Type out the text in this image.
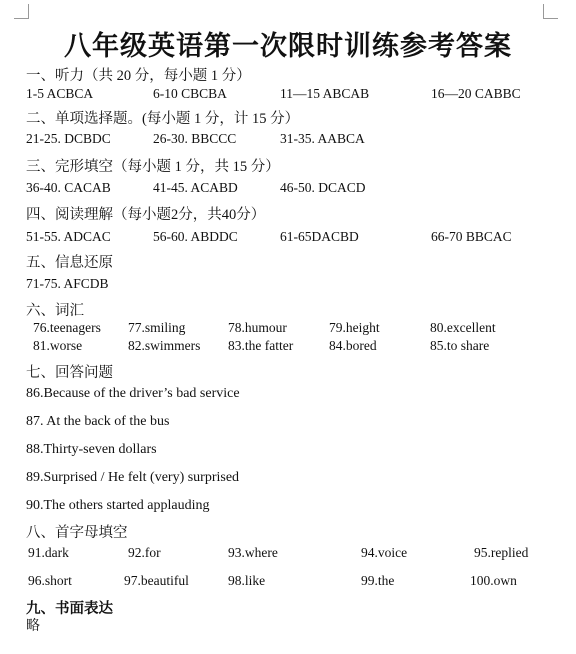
八年级英语第一次限时训练参考答案
一、听力（共 20 分，每小题 1 分）
1-5 ACBCA	6-10 CBCBA	11—15 ABCAB	16—20 CABBC
二、单项选择题。(每小题 1 分，计 15 分）
21-25. DCBDC	26-30. BBCCC	31-35. AABCA
三、完形填空（每小题 1 分，共 15 分）
36-40. CACAB	41-45. ACABD	46-50. DCACD
四、阅读理解（每小题2分，共40分）
51-55. ADCAC	56-60. ABDDC	61-65DACBD	66-70 BBCAC
五、信息还原
71-75. AFCDB
六、词汇
76.teenagers 77.smiling	78.humour	79.height	80.excellent
81.worse	82.swimmers 83.the fatter	84.bored	85.to share
七、回答问题
86.Because of the driver’s bad service
87. At the back of the bus
88.Thirty-seven dollars
89.Surprised / He felt (very) surprised
90.The others started applauding
八、首字母填空
91.dark	92.for	93.where	94.voice	95.replied
96.short	97.beautiful	98.like	99.the	100.own
九、书面表达
略
